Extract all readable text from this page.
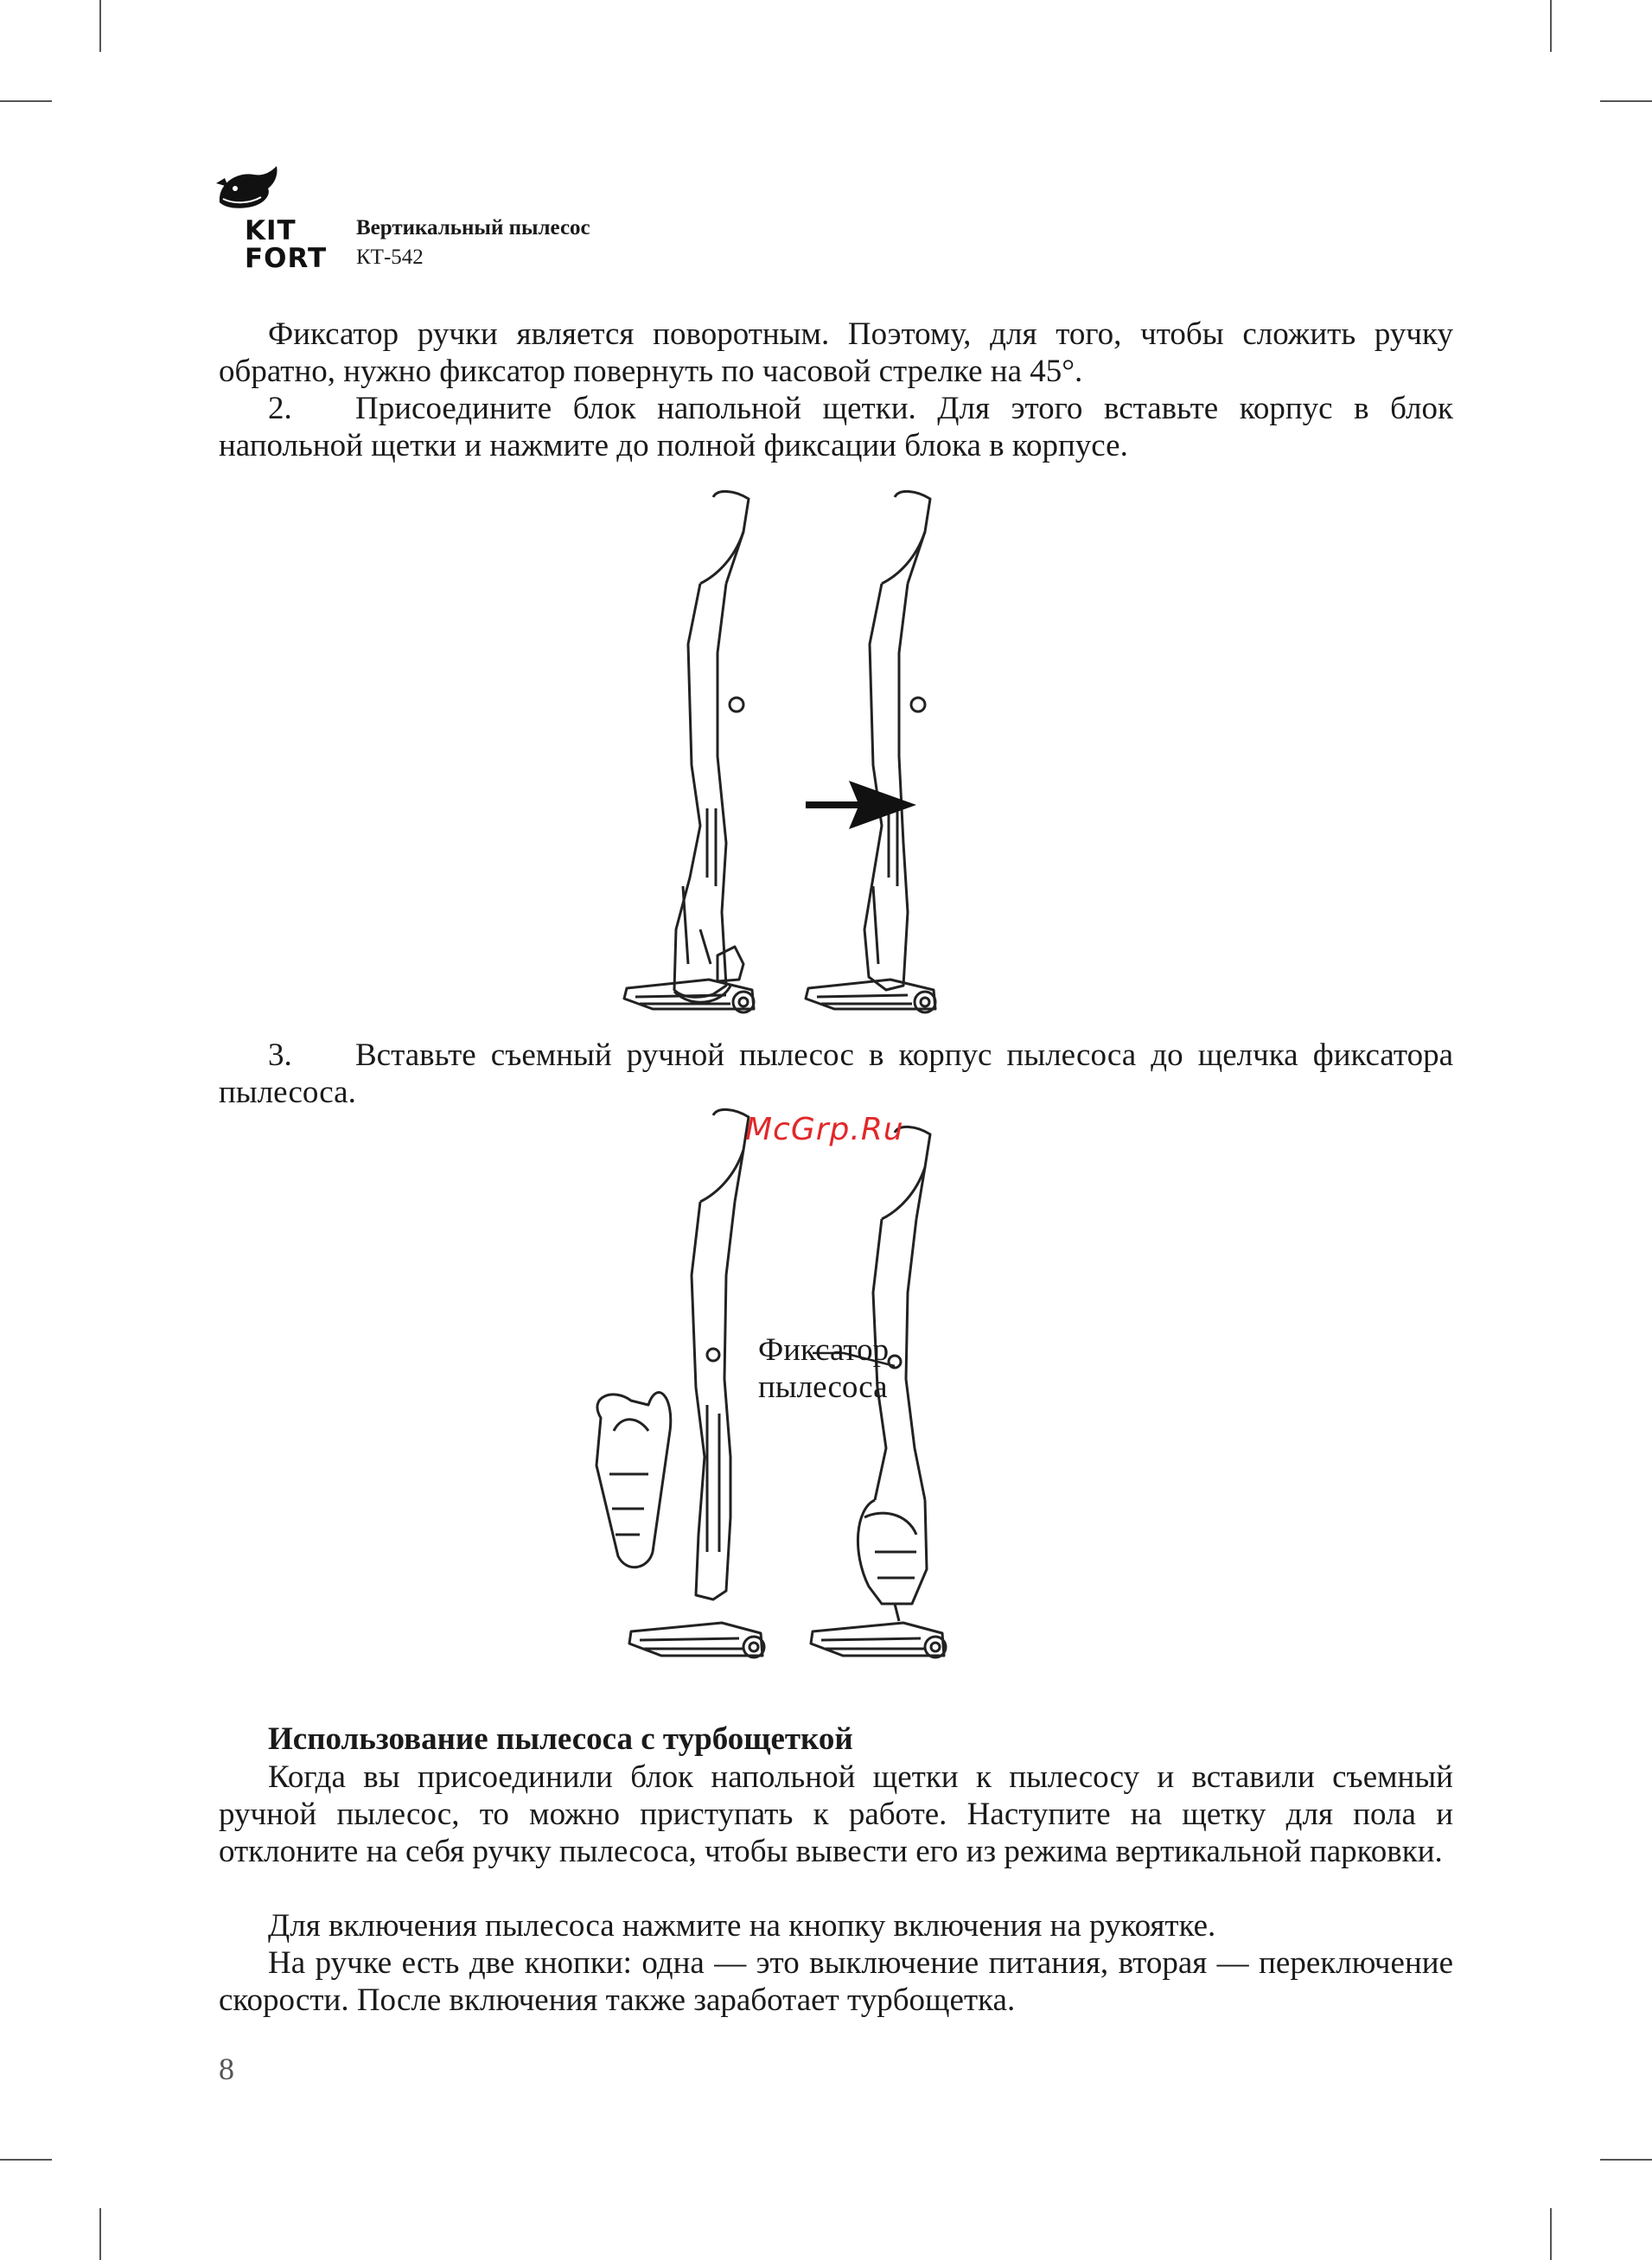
KIT
FORT
Вертикальный пылесос
КТ-542

Фиксатор ручки является поворотным. Поэтому, для того, чтобы сложить ручку обратно, нужно фиксатор повернуть по часовой стрелке на 45°.

2. Присоедините блок напольной щетки. Для этого вставьте корпус в блок напольной щетки и нажмите до полной фиксации блока в корпусе.

3. Вставьте съемный ручной пылесос в корпус пылесоса до щелчка фиксатора пылесоса.

McGrp.Ru
Фиксатор
пылесоса

Использование пылесоса с турбощеткой

Когда вы присоединили блок напольной щетки к пылесосу и вставили съемный ручной пылесос, то можно приступать к работе. Наступите на щетку для пола и отклоните на себя ручку пылесоса, чтобы вывести его из режима вертикальной парковки.

Для включения пылесоса нажмите на кнопку включения на рукоятке.

На ручке есть две кнопки: одна — это выключение питания, вторая — переключение скорости. После включения также заработает турбощетка.

8
